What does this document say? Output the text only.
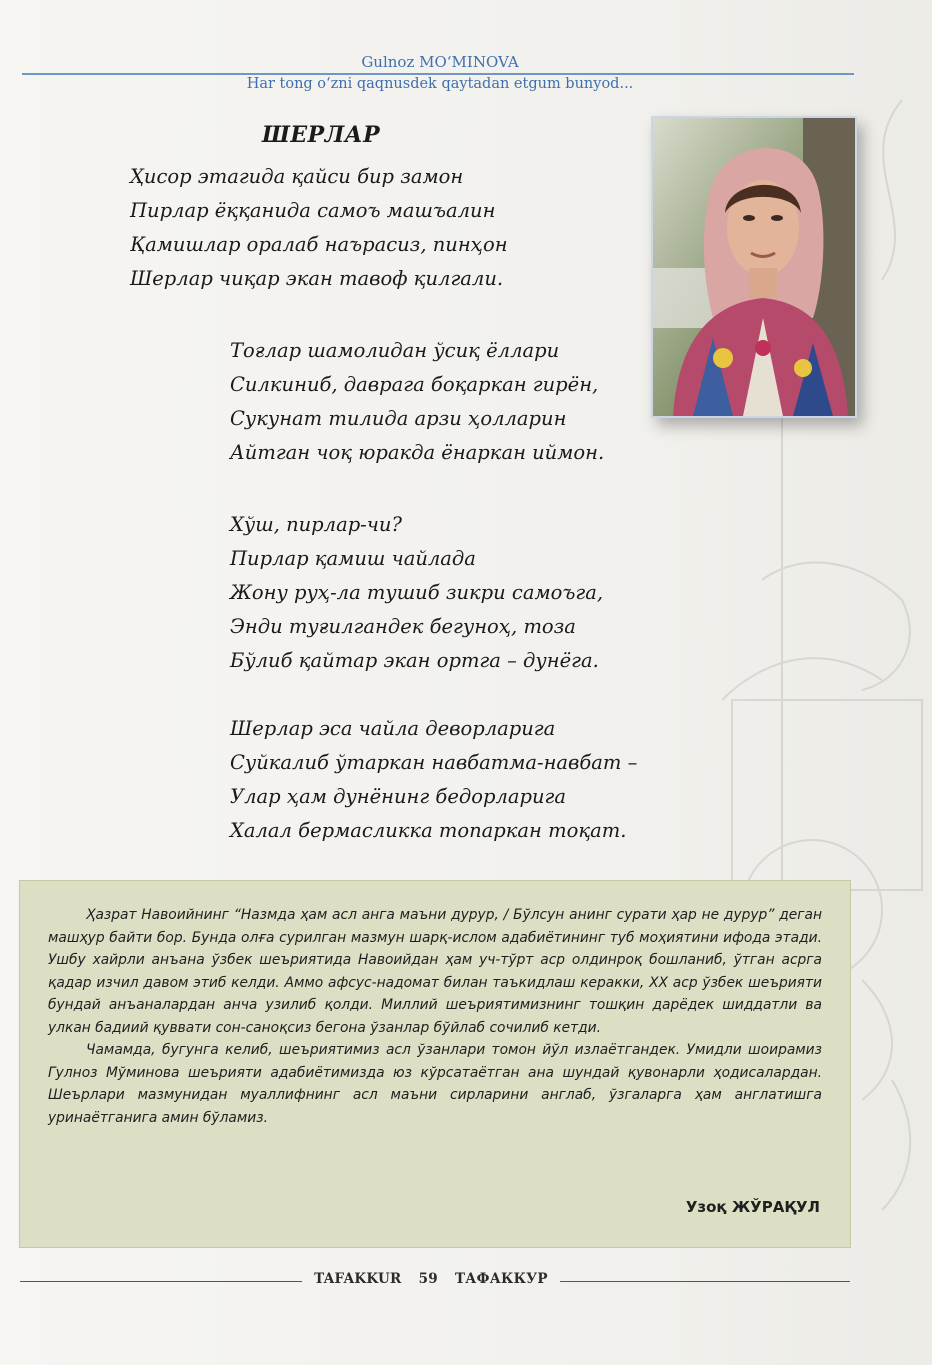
Gulnoz MOʻMINOVA
Har tong oʻzni qaqnusdek qaytadan etgum bunyod...
ШЕРЛАР
Ҳисор этагида қайси бир замон
Пирлар ёққанида самоъ машъалин
Қамишлар оралаб наърасиз, пинҳон
Шерлар чиқар экан тавоф қилгали.
Тоғлар шамолидан ўсиқ ёллари
Силкиниб, даврага боқаркан гирён,
Сукунат тилида арзи ҳолларин
Айтган чоқ юракда ёнаркан иймон.
Хўш, пирлар-чи?
Пирлар қамиш чайлада
Жону руҳ-ла тушиб зикри самоъга,
Энди туғилгандек бегуноҳ, тоза
Бўлиб қайтар экан ортга – дунёга.
Шерлар эса чайла деворларига
Суйкалиб ўтаркан навбатма-навбат –
Улар ҳам дунёнинг бедорларига
Халал бермасликка топаркан тоқат.

Ҳазрат Навоийнинг “Назмда ҳам асл анга маъни дурур, / Бўлсун анинг сурати ҳар не дурур” деган машҳур байти бор. Бунда олға сурилган мазмун шарқ-ислом адабиётининг туб моҳиятини ифода этади. Ушбу хайрли анъана ўзбек шеъриятида Навоийдан ҳам уч-тўрт аср олдинроқ бошланиб, ўтган асрга қадар изчил давом этиб келди. Аммо афсус-надомат билан таъкидлаш керакки, ХХ аср ўзбек шеърияти бундай анъаналардан анча узилиб қолди. Миллий шеъриятимизнинг тошқин дарёдек шиддатли ва улкан бадиий қуввати сон-саноқсиз бегона ўзанлар бўйлаб сочилиб кетди.

Чамамда, бугунга келиб, шеъриятимиз асл ўзанлари томон йўл излаётгандек. Умидли шоирамиз Гулноз Мўминова шеърияти адабиётимизда юз кўрсатаётган ана шундай қувонарли ҳодисалардан. Шеърлари мазмунидан муаллифнинг асл маъни сирларини англаб, ўзгаларга ҳам англатишга уринаётганига амин бўламиз.

Узоқ ЖЎРАҚУЛ
TAFAKKUR 59 ТАФАККУР
